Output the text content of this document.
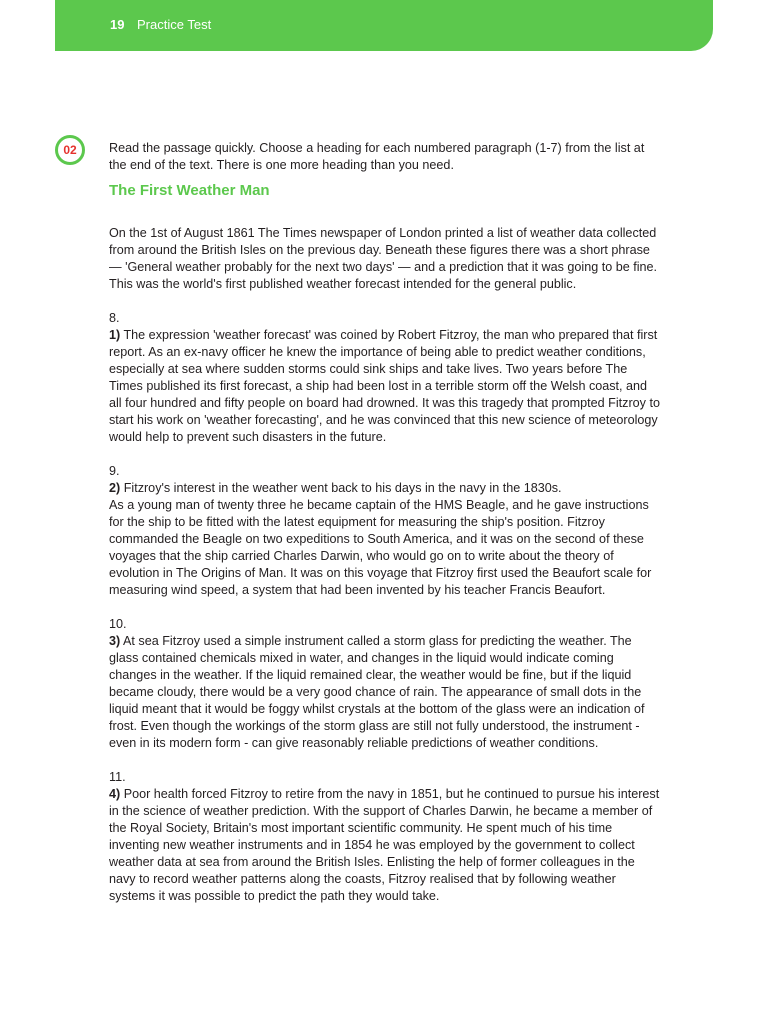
19 Practice Test
02	Read the passage quickly. Choose a heading for each numbered paragraph (1-7) from the list at the end of the text. There is one more heading than you need.

The First Weather Man

On the 1st of August 1861 The Times newspaper of London printed a list of weather data collected from around the British Isles on the previous day. Beneath these figures there was a short phrase — 'General weather probably for the next two days' — and a prediction that it was going to be fine. This was the world's first published weather forecast intended for the general public.

8.

1) The expression 'weather forecast' was coined by Robert Fitzroy, the man who prepared that first report. As an ex-navy officer he knew the importance of being able to predict weather conditions, especially at sea where sudden storms could sink ships and take lives. Two years before The Times published its first forecast, a ship had been lost in a terrible storm off the Welsh coast, and all four hundred and fifty people on board had drowned. It was this tragedy that prompted Fitzroy to start his work on 'weather forecasting', and he was convinced that this new science of meteorology would help to prevent such disasters in the future.

9.

2) Fitzroy's interest in the weather went back to his days in the navy in the 1830s.

As a young man of twenty three he became captain of the HMS Beagle, and he gave instructions for the ship to be fitted with the latest equipment for measuring the ship's position. Fitzroy commanded the Beagle on two expeditions to South America, and it was on the second of these voyages that the ship carried Charles Darwin, who would go on to write about the theory of evolution in The Origins of Man. It was on this voyage that Fitzroy first used the Beaufort scale for measuring wind speed, a system that had been invented by his teacher Francis Beaufort.

10.

3) At sea Fitzroy used a simple instrument called a storm glass for predicting the weather. The glass contained chemicals mixed in water, and changes in the liquid would indicate coming changes in the weather. If the liquid remained clear, the weather would be fine, but if the liquid became cloudy, there would be a very good chance of rain. The appearance of small dots in the liquid meant that it would be foggy whilst crystals at the bottom of the glass were an indication of frost. Even though the workings of the storm glass are still not fully understood, the instrument - even in its modern form - can give reasonably reliable predictions of weather conditions.

11.

4) Poor health forced Fitzroy to retire from the navy in 1851, but he continued to pursue his interest in the science of weather prediction. With the support of Charles Darwin, he became a member of the Royal Society, Britain's most important scientific community. He spent much of his time inventing new weather instruments and in 1854 he was employed by the government to collect weather data at sea from around the British Isles. Enlisting the help of former colleagues in the navy to record weather patterns along the coasts, Fitzroy realised that by following weather systems it was possible to predict the path they would take.
